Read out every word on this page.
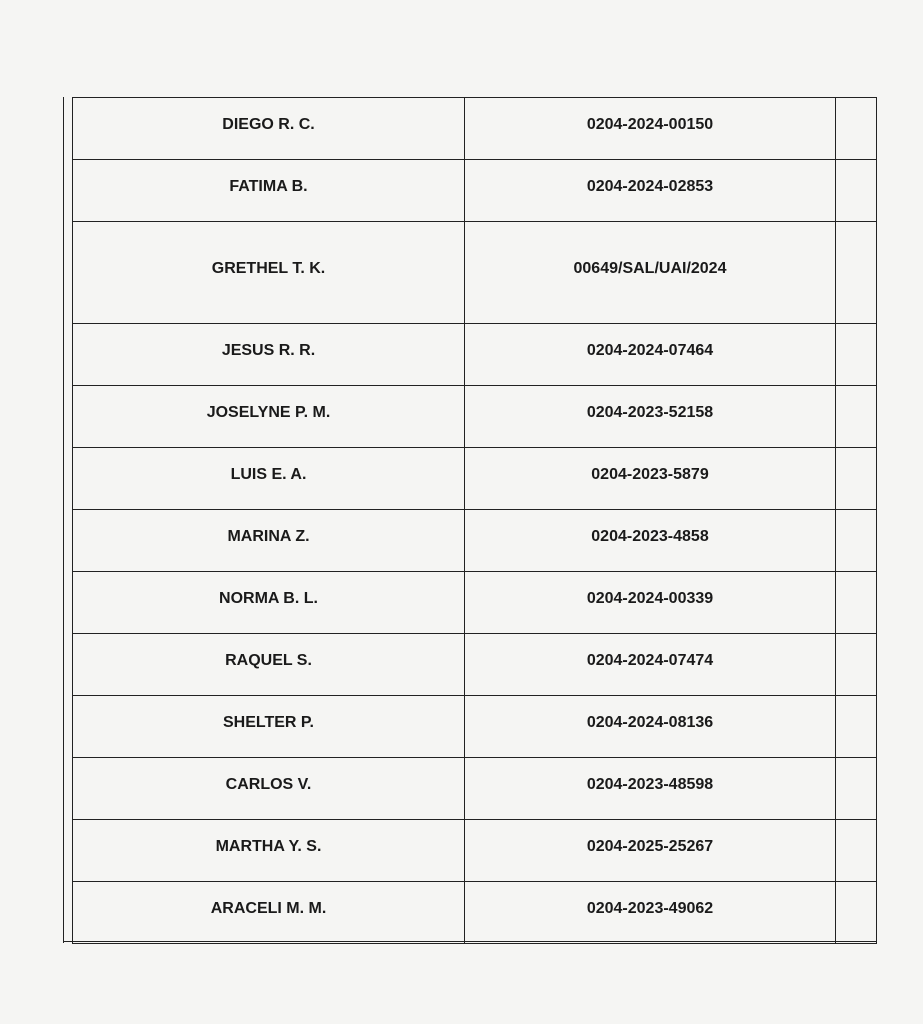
DIEGO R. C.	0204-2024-00150	
FATIMA B.	0204-2024-02853	
GRETHEL T. K.	00649/SAL/UAI/2024	
JESUS R. R.	0204-2024-07464	
JOSELYNE P. M.	0204-2023-52158	
LUIS E. A.	0204-2023-5879	
MARINA Z.	0204-2023-4858	
NORMA B. L.	0204-2024-00339	
RAQUEL S.	0204-2024-07474	
SHELTER P.	0204-2024-08136	
CARLOS V.	0204-2023-48598	
MARTHA Y. S.	0204-2025-25267	
ARACELI M. M.	0204-2023-49062	
